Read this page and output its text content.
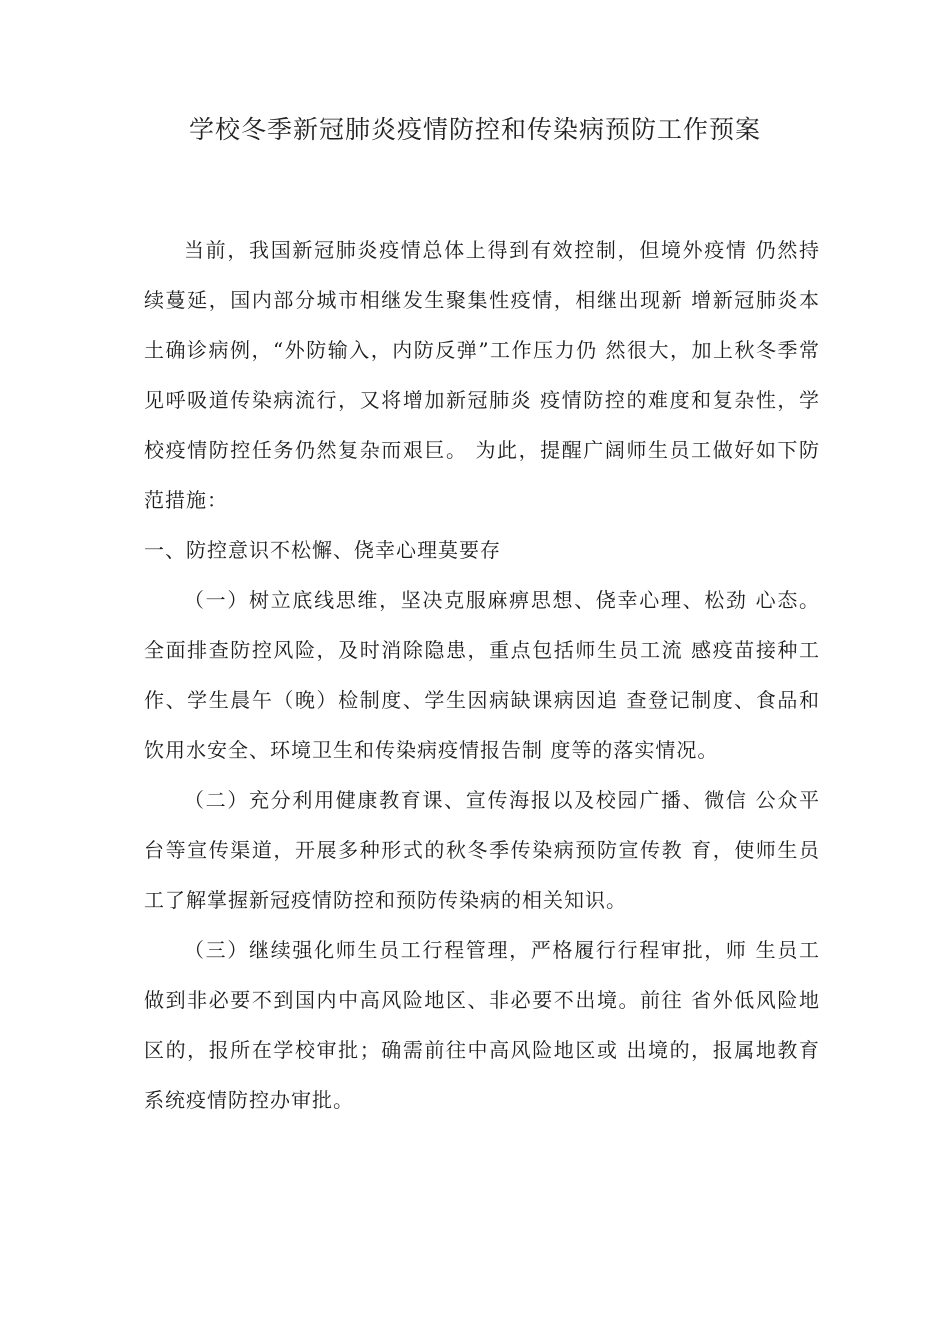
学校冬季新冠肺炎疫情防控和传染病预防工作预案

当前，我国新冠肺炎疫情总体上得到有效控制，但境外疫情 仍然持续蔓延，国内部分城市相继发生聚集性疫情，相继出现新 增新冠肺炎本土确诊病例，“外防输入，内防反弹”工作压力仍 然很大，加上秋冬季常见呼吸道传染病流行，又将增加新冠肺炎 疫情防控的难度和复杂性，学校疫情防控任务仍然复杂而艰巨。 为此，提醒广阔师生员工做好如下防范措施：

一、防控意识不松懈、侥幸心理莫要存

（一）树立底线思维，坚决克服麻痹思想、侥幸心理、松劲 心态。全面排查防控风险，及时消除隐患，重点包括师生员工流 感疫苗接种工作、学生晨午（晚）检制度、学生因病缺课病因追 查登记制度、食品和饮用水安全、环境卫生和传染病疫情报告制 度等的落实情况。

（二）充分利用健康教育课、宣传海报以及校园广播、微信 公众平台等宣传渠道，开展多种形式的秋冬季传染病预防宣传教 育，使师生员工了解掌握新冠疫情防控和预防传染病的相关知识。

（三）继续强化师生员工行程管理，严格履行行程审批，师 生员工做到非必要不到国内中高风险地区、非必要不出境。前往 省外低风险地区的，报所在学校审批；确需前往中高风险地区或 出境的，报属地教育系统疫情防控办审批。
